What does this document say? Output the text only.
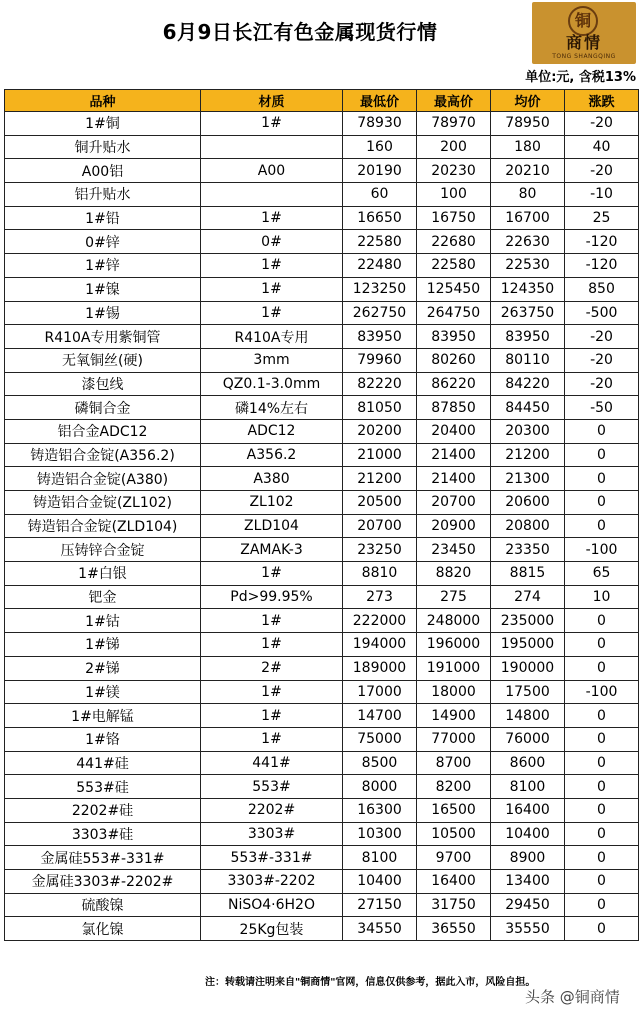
6月9日长江有色金属现货行情	铜
商情
TONG SHANGQING
单位:元, 含税13%
品种	材质	最低价	最高价	均价	涨跌
1#铜	1#	78930	78970	78950	-20
铜升贴水		160	200	180	40
A00铝	A00	20190	20230	20210	-20
铝升贴水		60	100	80	-10
1#铅	1#	16650	16750	16700	25
0#锌	0#	22580	22680	22630	-120
1#锌	1#	22480	22580	22530	-120
1#镍	1#	123250	125450	124350	850
1#锡	1#	262750	264750	263750	-500
R410A专用紫铜管	R410A专用	83950	83950	83950	-20
无氧铜丝(硬)	3mm	79960	80260	80110	-20
漆包线	QZ0.1-3.0mm	82220	86220	84220	-20
磷铜合金	磷14%左右	81050	87850	84450	-50
铝合金ADC12	ADC12	20200	20400	20300	0
铸造铝合金锭(A356.2)	A356.2	21000	21400	21200	0
铸造铝合金锭(A380)	A380	21200	21400	21300	0
铸造铝合金锭(ZL102)	ZL102	20500	20700	20600	0
铸造铝合金锭(ZLD104)	ZLD104	20700	20900	20800	0
压铸锌合金锭	ZAMAK-3	23250	23450	23350	-100
1#白银	1#	8810	8820	8815	65
钯金	Pd>99.95%	273	275	274	10
1#钴	1#	222000	248000	235000	0
1#锑	1#	194000	196000	195000	0
2#锑	2#	189000	191000	190000	0
1#镁	1#	17000	18000	17500	-100
1#电解锰	1#	14700	14900	14800	0
1#铬	1#	75000	77000	76000	0
441#硅	441#	8500	8700	8600	0
553#硅	553#	8000	8200	8100	0
2202#硅	2202#	16300	16500	16400	0
3303#硅	3303#	10300	10500	10400	0
金属硅553#-331#	553#-331#	8100	9700	8900	0
金属硅3303#-2202#	3303#-2202	10400	16400	13400	0
硫酸镍	NiSO4·6H2O	27150	31750	29450	0
氯化镍	25Kg包装	34550	36550	35550	0
注：转载请注明来自"铜商情"官网，信息仅供参考，据此入市，风险自担。
头条 @铜商情
